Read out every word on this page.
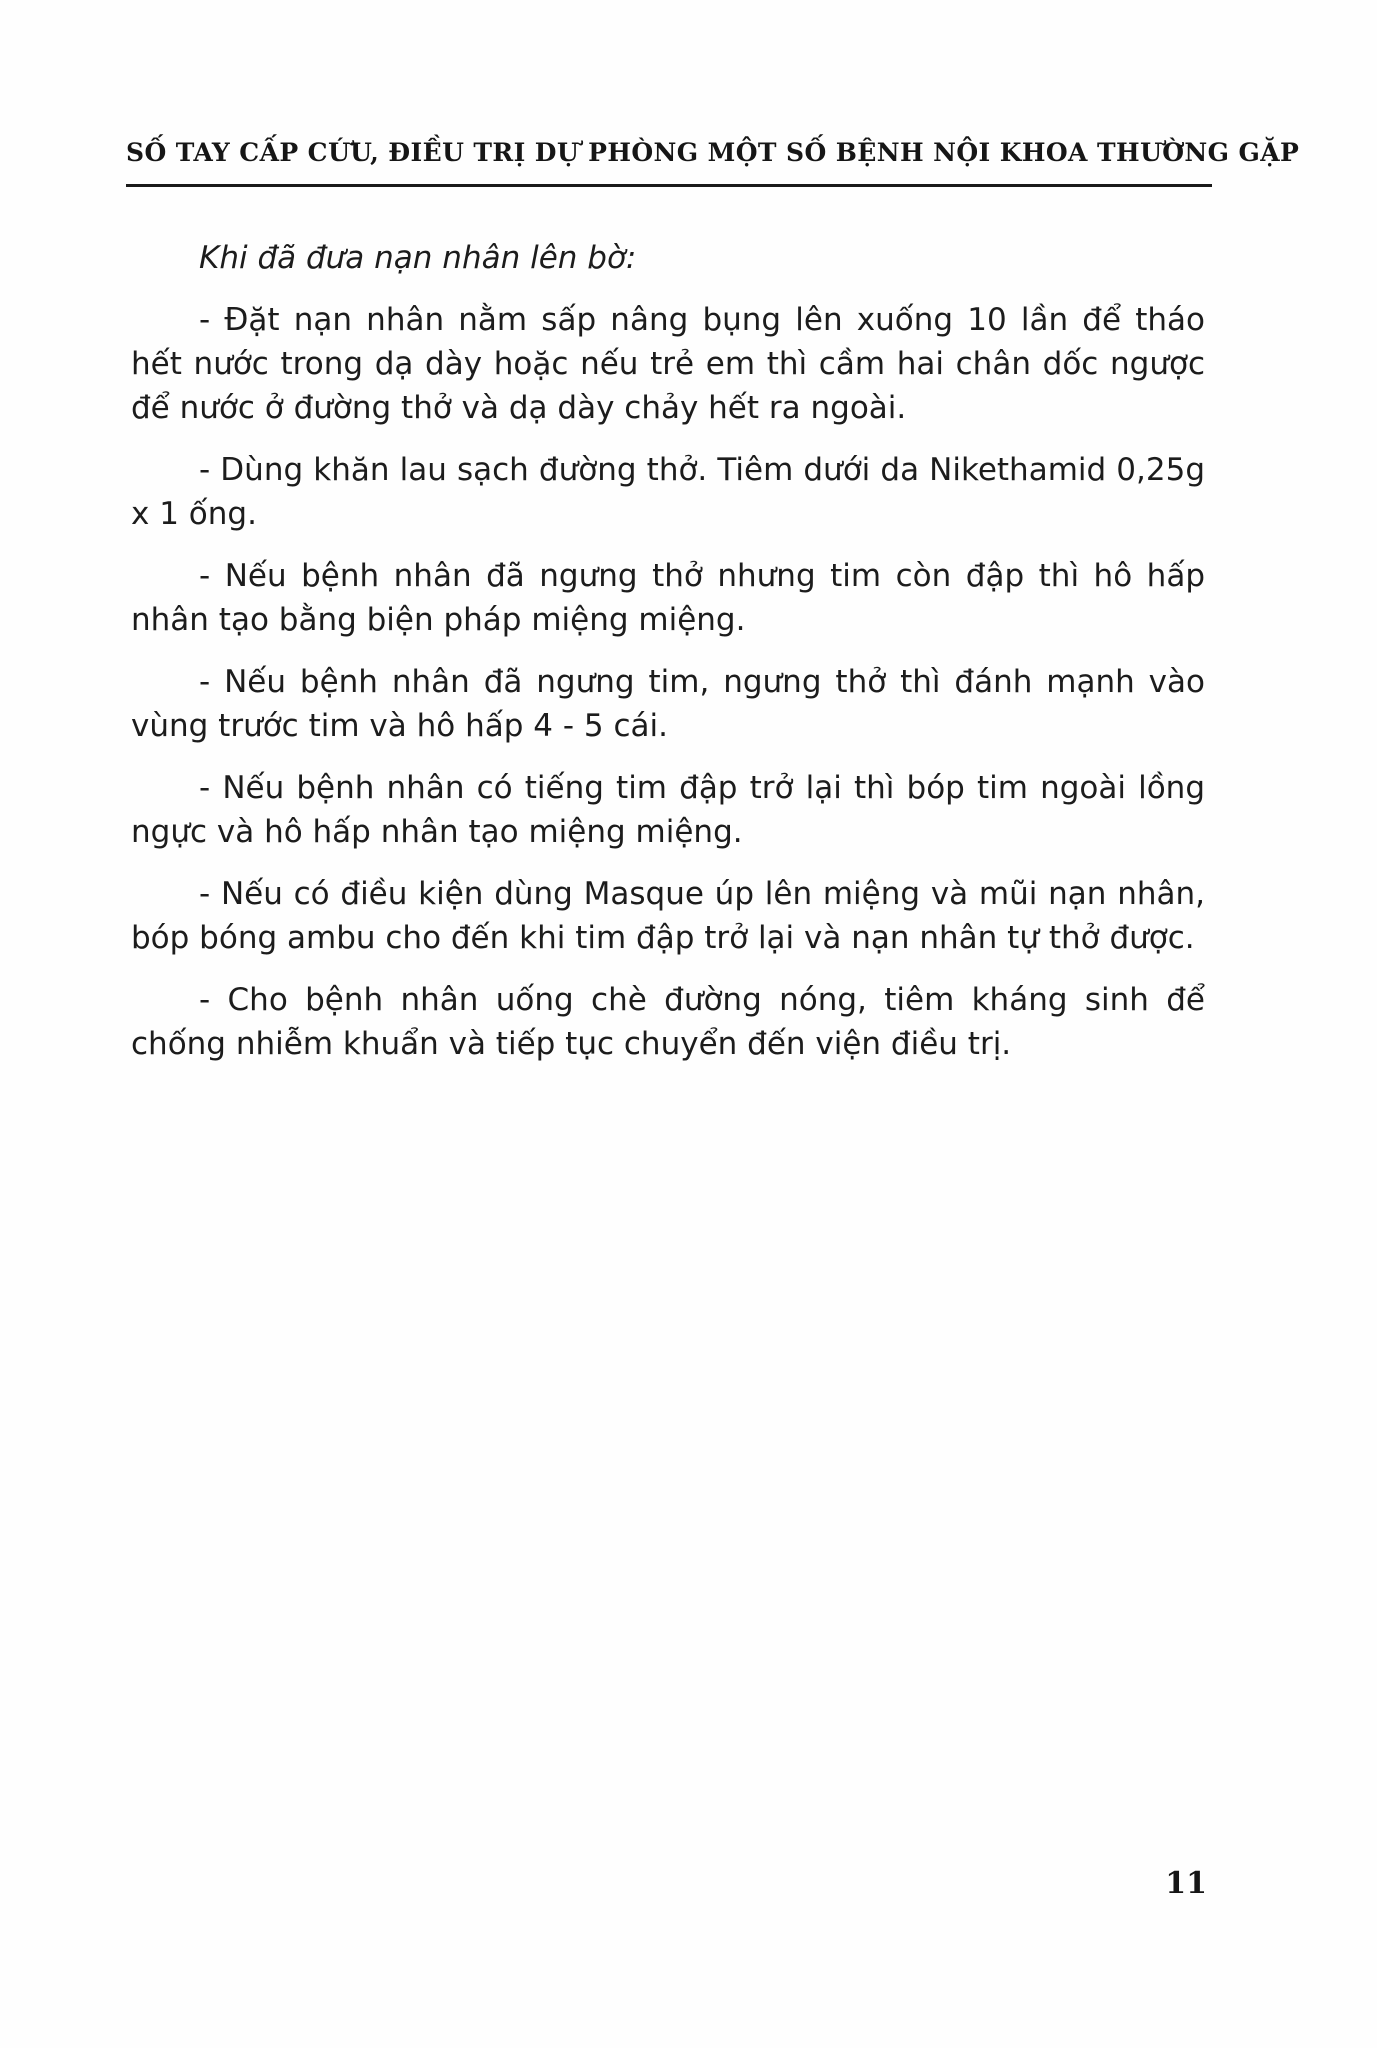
SỐ TAY CẤP CỨU, ĐIỀU TRỊ DỰ PHÒNG MỘT SỐ BỆNH NỘI KHOA THƯỜNG GẶP

Khi đã đưa nạn nhân lên bờ:

- Đặt nạn nhân nằm sấp nâng bụng lên xuống 10 lần để tháo hết nước trong dạ dày hoặc nếu trẻ em thì cầm hai chân dốc ngược để nước ở đường thở và dạ dày chảy hết ra ngoài.

- Dùng khăn lau sạch đường thở. Tiêm dưới da Nikethamid 0,25g x 1 ống.

- Nếu bệnh nhân đã ngưng thở nhưng tim còn đập thì hô hấp nhân tạo bằng biện pháp miệng miệng.

- Nếu bệnh nhân đã ngưng tim, ngưng thở thì đánh mạnh vào vùng trước tim và hô hấp 4 - 5 cái.

- Nếu bệnh nhân có tiếng tim đập trở lại thì bóp tim ngoài lồng ngực và hô hấp nhân tạo miệng miệng.

- Nếu có điều kiện dùng Masque úp lên miệng và mũi nạn nhân, bóp bóng ambu cho đến khi tim đập trở lại và nạn nhân tự thở được.

- Cho bệnh nhân uống chè đường nóng, tiêm kháng sinh để chống nhiễm khuẩn và tiếp tục chuyển đến viện điều trị.

11
